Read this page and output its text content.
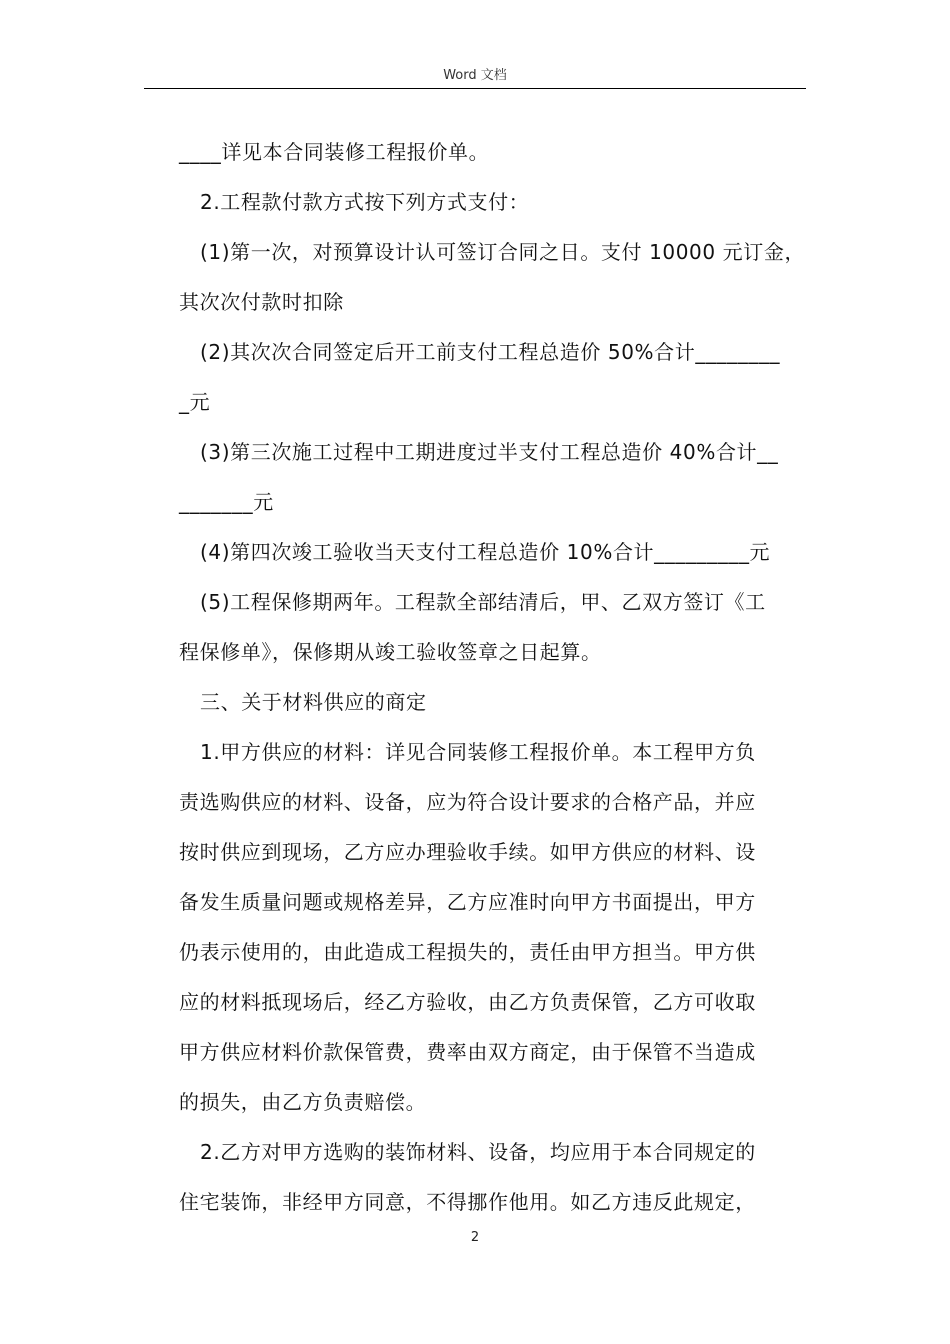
Word 文档
____详见本合同装修工程报价单。
2.工程款付款方式按下列方式支付：
(1)第一次，对预算设计认可签订合同之日。支付 10000 元订金，
其次次付款时扣除
(2)其次次合同签定后开工前支付工程总造价 50%合计________
_元
(3)第三次施工过程中工期进度过半支付工程总造价 40%合计__
_______元
(4)第四次竣工验收当天支付工程总造价 10%合计_________元
(5)工程保修期两年。工程款全部结清后，甲、乙双方签订《工
程保修单》，保修期从竣工验收签章之日起算。
三、关于材料供应的商定
1.甲方供应的材料：详见合同装修工程报价单。本工程甲方负
责选购供应的材料、设备，应为符合设计要求的合格产品，并应
按时供应到现场，乙方应办理验收手续。如甲方供应的材料、设
备发生质量问题或规格差异，乙方应准时向甲方书面提出，甲方
仍表示使用的，由此造成工程损失的，责任由甲方担当。甲方供
应的材料抵现场后，经乙方验收，由乙方负责保管，乙方可收取
甲方供应材料价款保管费，费率由双方商定，由于保管不当造成
的损失，由乙方负责赔偿。
2.乙方对甲方选购的装饰材料、设备，均应用于本合同规定的
住宅装饰，非经甲方同意，不得挪作他用。如乙方违反此规定，
2
